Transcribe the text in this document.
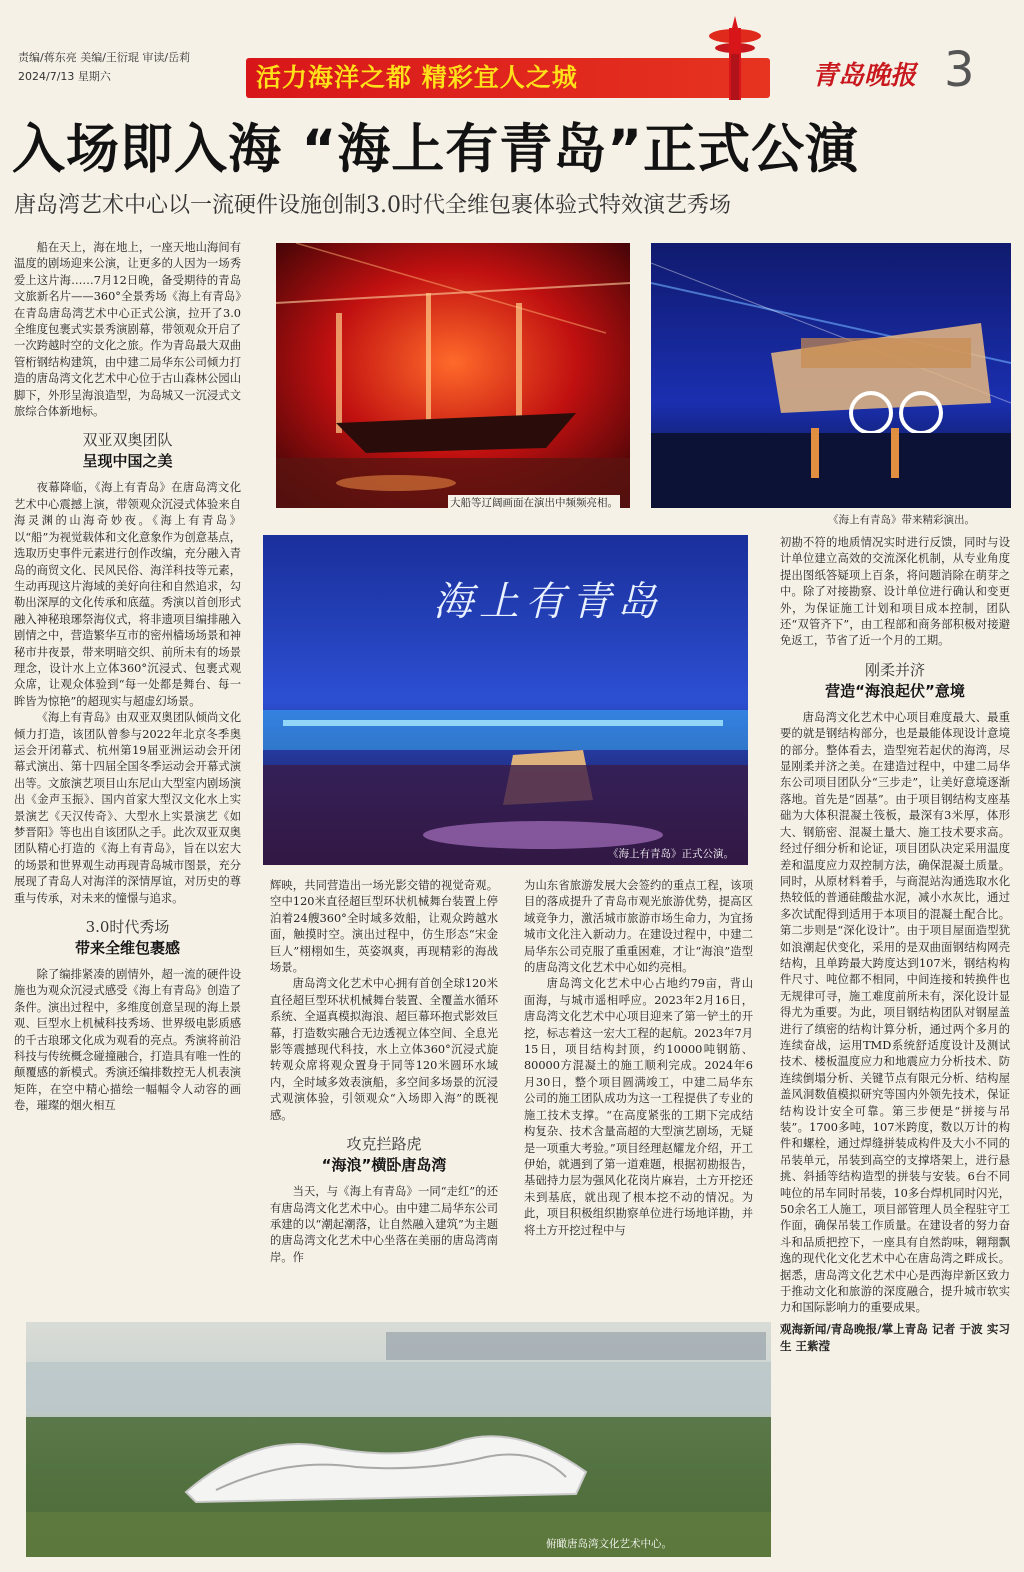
责编/蒋东亮 美编/王衍琨 审读/岳莉
2024/7/13 星期六	活力海洋之都 精彩宜人之城	青岛晚报 3
入场即入海 “海上有青岛”正式公演
唐岛湾艺术中心以一流硬件设施创制3.0时代全维包裹体验式特效演艺秀场

船在天上，海在地上，一座天地山海间有温度的剧场迎来公演，让更多的人因为一场秀爱上这片海……7月12日晚，备受期待的青岛文旅新名片——360°全景秀场《海上有青岛》在青岛唐岛湾艺术中心正式公演，拉开了3.0全维度包裹式实景秀演剧幕，带领观众开启了一次跨越时空的文化之旅。作为青岛最大双曲管桁钢结构建筑，由中建二局华东公司倾力打造的唐岛湾文化艺术中心位于古山森林公园山脚下，外形呈海浪造型，为岛城又一沉浸式文旅综合体新地标。

双亚双奥团队
呈现中国之美

夜幕降临，《海上有青岛》在唐岛湾文化艺术中心震撼上演，带领观众沉浸式体验来自海灵渊的山海奇妙夜。《海上有青岛》以“船”为视觉载体和文化意象作为创意基点，选取历史事件元素进行创作改编，充分融入青岛的商贸文化、民风民俗、海洋科技等元素，生动再现这片海域的美好向往和自然追求，勾勒出深厚的文化传承和底蕴。秀演以首创形式融入神秘琅琊祭海仪式，将非遗项目编排融入剧情之中，营造繁华互市的密州樯场场景和神秘市井夜景，带来明暗交织、前所未有的场景理念，设计水上立体360°沉浸式、包裹式观众席，让观众体验到“每一处都是舞台、每一眸皆为惊艳”的超现实与超虚幻场景。

《海上有青岛》由双亚双奥团队倾尚文化倾力打造，该团队曾参与2022年北京冬季奥运会开闭幕式、杭州第19届亚洲运动会开闭幕式演出、第十四届全国冬季运动会开幕式演出等。文旅演艺项目山东尼山大型室内剧场演出《金声玉振》、国内首家大型汉文化水上实景演艺《天汉传奇》、大型水上实景演艺《如梦晋阳》等也出自该团队之手。此次双亚双奥团队精心打造的《海上有青岛》，旨在以宏大的场景和世界观生动再现青岛城市图景，充分展现了青岛人对海洋的深情厚谊，对历史的尊重与传承，对未来的憧憬与追求。

3.0时代秀场
带来全维包裹感

除了编排紧凑的剧情外，超一流的硬件设施也为观众沉浸式感受《海上有青岛》创造了条件。演出过程中，多维度创意呈现的海上景观、巨型水上机械科技秀场、世界级电影质感的千古琅琊文化成为观看的亮点。秀演将前沿科技与传统概念碰撞融合，打造具有唯一性的颠覆感的新模式。秀演还编排数控无人机表演矩阵，在空中精心描绘一幅幅令人动容的画卷，璀璨的烟火相互

大船等辽阔画面在演出中频频亮相。
《海上有青岛》带来精彩演出。
海上有青岛
《海上有青岛》正式公演。

辉映，共同营造出一场光影交错的视觉奇观。空中120米直径超巨型环状机械舞台装置上停泊着24艘360°全时域多效船，让观众跨越水面，触摸时空。演出过程中，仿生形态“宋金巨人”栩栩如生，英姿飒爽，再现精彩的海战场景。

唐岛湾文化艺术中心拥有首创全球120米直径超巨型环状机械舞台装置、全覆盖水循环系统、全逼真模拟海浪、超巨幕环抱式影效巨幕，打造数实融合无边透视立体空间、全息光影等震撼现代科技，水上立体360°沉浸式旋转观众席将观众置身于同等120米圆环水域内，全时域多效表演船，多空间多场景的沉浸式观演体验，引领观众“入场即入海”的既视感。

攻克拦路虎
“海浪”横卧唐岛湾

当天，与《海上有青岛》一同“走红”的还有唐岛湾文化艺术中心。由中建二局华东公司承建的以“潮起潮落，让自然融入建筑”为主题的唐岛湾文化艺术中心坐落在美丽的唐岛湾南岸。作

为山东省旅游发展大会签约的重点工程，该项目的落成提升了青岛市观光旅游优势，提高区域竞争力，激活城市旅游市场生命力，为宜扬城市文化注入新动力。在建设过程中，中建二局华东公司克服了重重困难，才让“海浪”造型的唐岛湾文化艺术中心如约亮相。

唐岛湾文化艺术中心占地约79亩，背山面海，与城市遥相呼应。2023年2月16日，唐岛湾文化艺术中心项目迎来了第一铲土的开挖，标志着这一宏大工程的起航。2023年7月15日，项目结构封顶，约10000吨钢筋、80000方混凝土的施工顺利完成。2024年6月30日，整个项目圆满竣工，中建二局华东公司的施工团队成功为这一工程提供了专业的施工技术支撑。“在高度紧张的工期下完成结构复杂、技术含量高超的大型演艺剧场，无疑是一项重大考验。”项目经理赵耀龙介绍，开工伊始，就遇到了第一道难题，根据初勘报告，基础持力层为强风化花岗片麻岩，土方开挖还未到基底，就出现了根本挖不动的情况。为此，项目积极组织勘察单位进行场地详勘，并将土方开挖过程中与

初勘不符的地质情况实时进行反馈，同时与设计单位建立高效的交流深化机制，从专业角度提出图纸答疑项上百条，将问题消除在萌芽之中。除了对接勘察、设计单位进行确认和变更外，为保证施工计划和项目成本控制，团队还“双管齐下”，由工程部和商务部积极对接避免返工，节省了近一个月的工期。

刚柔并济
营造“海浪起伏”意境

唐岛湾文化艺术中心项目难度最大、最重要的就是钢结构部分，也是最能体现设计意境的部分。整体看去，造型宛若起伏的海湾，尽显刚柔并济之美。在建造过程中，中建二局华东公司项目团队分“三步走”，让美好意境逐渐落地。首先是“固基”。由于项目钢结构支座基础为大体积混凝土筏板，最深有3米厚，体形大、钢筋密、混凝土量大、施工技术要求高。经过仔细分析和论证，项目团队决定采用温度差和温度应力双控制方法，确保混凝土质量。同时，从原材料着手，与商混站沟通选取水化热较低的普通硅酸盐水泥，减小水灰比，通过多次试配得到适用于本项目的混凝土配合比。第二步则是“深化设计”。由于项目屋面造型犹如浪潮起伏变化，采用的是双曲面钢结构网壳结构，且单跨最大跨度达到107米，钢结构构件尺寸、吨位都不相同，中间连接和转换件也无规律可寻，施工难度前所未有，深化设计显得尤为重要。为此，项目钢结构团队对钢屋盖进行了缜密的结构计算分析，通过两个多月的连续奋战，运用TMD系统舒适度设计及测试技术、楼板温度应力和地震应力分析技术、防连续倒塌分析、关键节点有限元分析、结构屋盖风洞数值模拟研究等国内外领先技术，保证结构设计安全可靠。第三步便是“拼接与吊装”。1700多吨，107米跨度，数以万计的构件和螺栓，通过焊缝拼装成构件及大小不同的吊装单元，吊装到高空的支撑塔架上，进行悬挑、斜插等结构造型的拼装与安装。6台不同吨位的吊车同时吊装，10多台焊机同时闪光，50余名工人施工，项目部管理人员全程驻守工作面，确保吊装工作质量。在建设者的努力奋斗和品质把控下，一座具有自然韵味，翱翔飘逸的现代化文化艺术中心在唐岛湾之畔成长。据悉，唐岛湾文化艺术中心是西海岸新区致力于推动文化和旅游的深度融合，提升城市软实力和国际影响力的重要成果。

观海新闻/青岛晚报/掌上青岛 记者 于波 实习生 王紫滢
俯瞰唐岛湾文化艺术中心。
